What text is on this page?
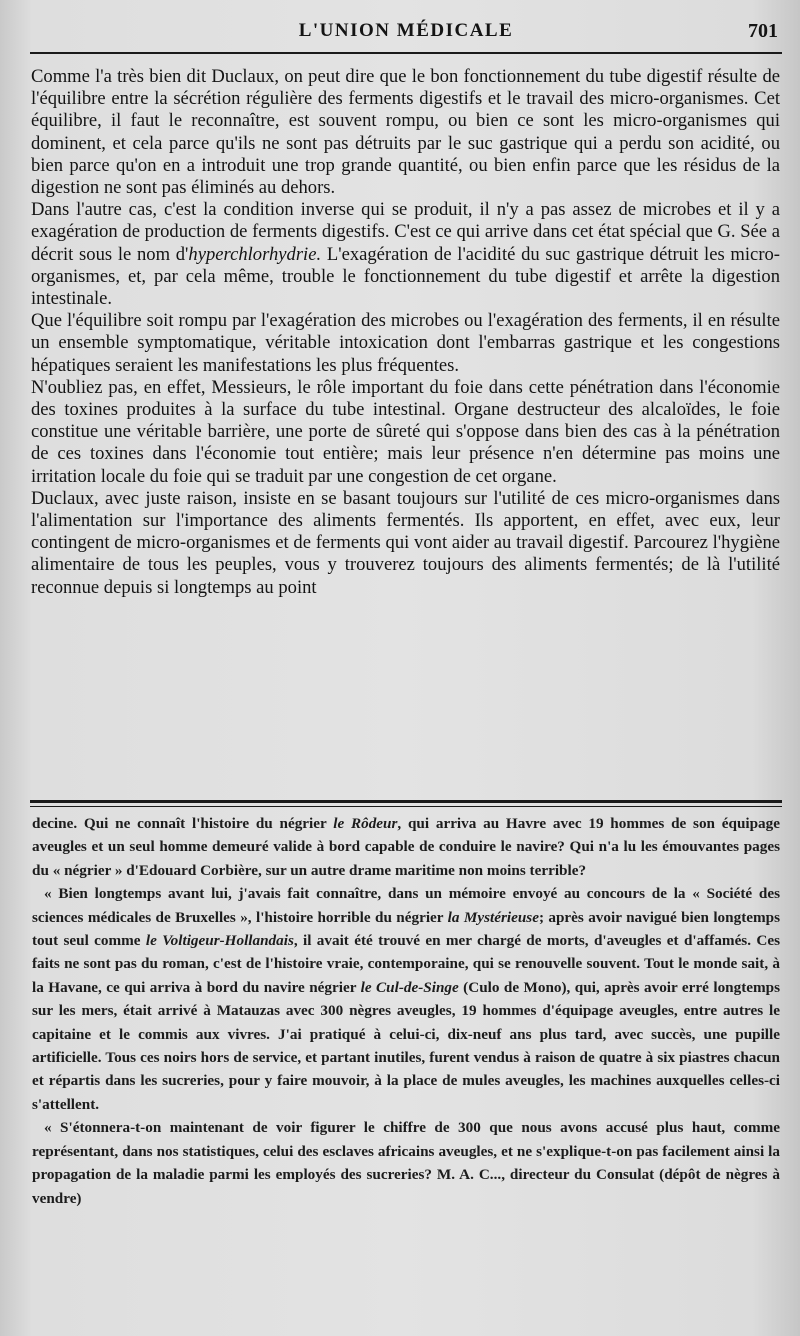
L'UNION MÉDICALE	701

Comme l'a très bien dit Duclaux, on peut dire que le bon fonctionnement du tube digestif résulte de l'équilibre entre la sécrétion régulière des ferments digestifs et le travail des micro-organismes. Cet équilibre, il faut le reconnaître, est souvent rompu, ou bien ce sont les micro-organismes qui dominent, et cela parce qu'ils ne sont pas détruits par le suc gastrique qui a perdu son acidité, ou bien parce qu'on en a introduit une trop grande quantité, ou bien enfin parce que les résidus de la digestion ne sont pas éliminés au dehors.

Dans l'autre cas, c'est la condition inverse qui se produit, il n'y a pas assez de microbes et il y a exagération de production de ferments digestifs. C'est ce qui arrive dans cet état spécial que G. Sée a décrit sous le nom d'hyperchlorhydrie. L'exagération de l'acidité du suc gastrique détruit les micro-organismes, et, par cela même, trouble le fonctionnement du tube digestif et arrête la digestion intestinale.

Que l'équilibre soit rompu par l'exagération des microbes ou l'exagération des ferments, il en résulte un ensemble symptomatique, véritable intoxication dont l'embarras gastrique et les congestions hépatiques seraient les manifestations les plus fréquentes.

N'oubliez pas, en effet, Messieurs, le rôle important du foie dans cette pénétration dans l'économie des toxines produites à la surface du tube intestinal. Organe destructeur des alcaloïdes, le foie constitue une véritable barrière, une porte de sûreté qui s'oppose dans bien des cas à la pénétration de ces toxines dans l'économie tout entière; mais leur présence n'en détermine pas moins une irritation locale du foie qui se traduit par une congestion de cet organe.

Duclaux, avec juste raison, insiste en se basant toujours sur l'utilité de ces micro-organismes dans l'alimentation sur l'importance des aliments fermentés. Ils apportent, en effet, avec eux, leur contingent de micro-organismes et de ferments qui vont aider au travail digestif. Parcourez l'hygiène alimentaire de tous les peuples, vous y trouverez toujours des aliments fermentés; de là l'utilité reconnue depuis si longtemps au point

decine. Qui ne connaît l'histoire du négrier le Rôdeur, qui arriva au Havre avec 19 hommes de son équipage aveugles et un seul homme demeuré valide à bord capable de conduire le navire? Qui n'a lu les émouvantes pages du « négrier » d'Edouard Corbière, sur un autre drame maritime non moins terrible?

« Bien longtemps avant lui, j'avais fait connaître, dans un mémoire envoyé au concours de la « Société des sciences médicales de Bruxelles », l'histoire horrible du négrier la Mystérieuse; après avoir navigué bien longtemps tout seul comme le Voltigeur-Hollandais, il avait été trouvé en mer chargé de morts, d'aveugles et d'affamés. Ces faits ne sont pas du roman, c'est de l'histoire vraie, contemporaine, qui se renouvelle souvent. Tout le monde sait, à la Havane, ce qui arriva à bord du navire négrier le Cul-de-Singe (Culo de Mono), qui, après avoir erré longtemps sur les mers, était arrivé à Matauzas avec 300 nègres aveugles, 19 hommes d'équipage aveugles, entre autres le capitaine et le commis aux vivres. J'ai pratiqué à celui-ci, dix-neuf ans plus tard, avec succès, une pupille artificielle. Tous ces noirs hors de service, et partant inutiles, furent vendus à raison de quatre à six piastres chacun et répartis dans les sucreries, pour y faire mouvoir, à la place de mules aveugles, les machines auxquelles celles-ci s'attellent.

« S'étonnera-t-on maintenant de voir figurer le chiffre de 300 que nous avons accusé plus haut, comme représentant, dans nos statistiques, celui des esclaves africains aveugles, et ne s'explique-t-on pas facilement ainsi la propagation de la maladie parmi les employés des sucreries? M. A. C..., directeur du Consulat (dépôt de nègres à vendre)
